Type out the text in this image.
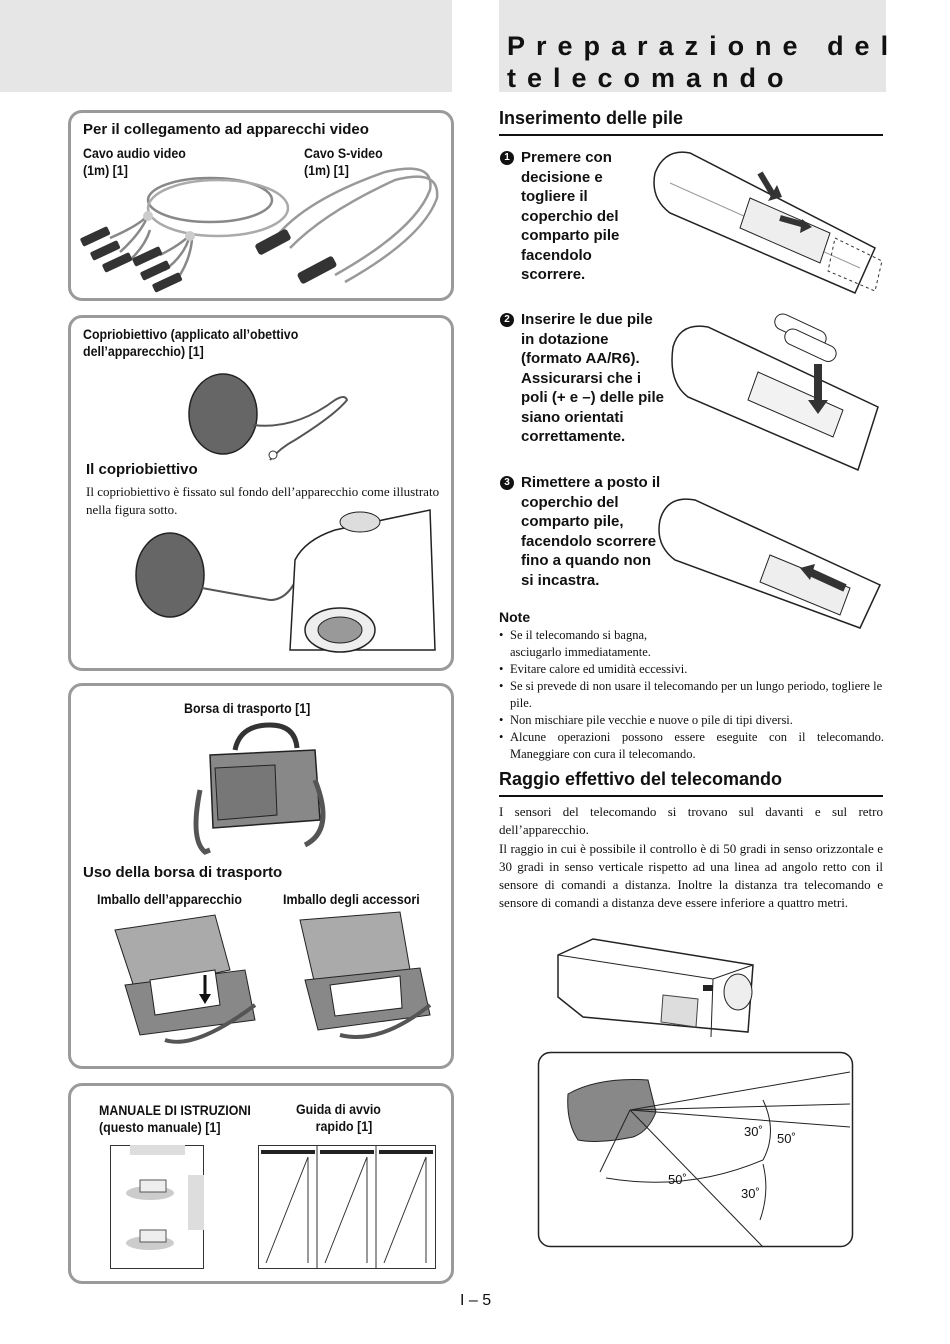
Preparazione del
telecomando
Per il collegamento ad apparecchi video
Cavo audio video
(1m) [1]
Cavo S-video
(1m) [1]
Copriobiettivo (applicato all’obettivo
dell’apparecchio) [1]
Il copriobiettivo
Il copriobiettivo è fissato sul fondo dell’apparecchio come illustrato nella figura sotto.
Borsa di trasporto [1]
Uso della borsa di trasporto
Imballo dell’apparecchio	Imballo degli accessori
MANUALE DI ISTRUZIONI
(questo manuale) [1]
Guida di avvio
rapido [1]
I – 5
Inserimento delle pile
1 Premere con decisione e togliere il coperchio del comparto pile facendolo scorrere.
2 Inserire le due pile in dotazione (formato AA/R6). Assicurarsi che i poli (+ e –) delle pile siano orientati correttamente.
3 Rimettere a posto il coperchio del comparto pile, facendolo scorrere fino a quando non si incastra.
Note
• Se il telecomando si bagna, asciugarlo immediatamente.
• Evitare calore ed umidità eccessivi.
• Se si prevede di non usare il telecomando per un lungo periodo, togliere le pile.
• Non mischiare pile vecchie e nuove o pile di tipi diversi.
• Alcune operazioni possono essere eseguite con il telecomando. Maneggiare con cura il telecomando.
Raggio effettivo del telecomando
I sensori del telecomando si trovano sul davanti e sul retro dell’apparecchio.
Il raggio in cui è possibile il controllo è di 50 gradi in senso orizzontale e 30 gradi in senso verticale rispetto ad una linea ad angolo retto con il sensore di comandi a distanza. Inoltre la distanza tra telecomando e sensore di comandi a distanza deve essere inferiore a quattro metri.
30˚ 50˚
50˚
30˚
